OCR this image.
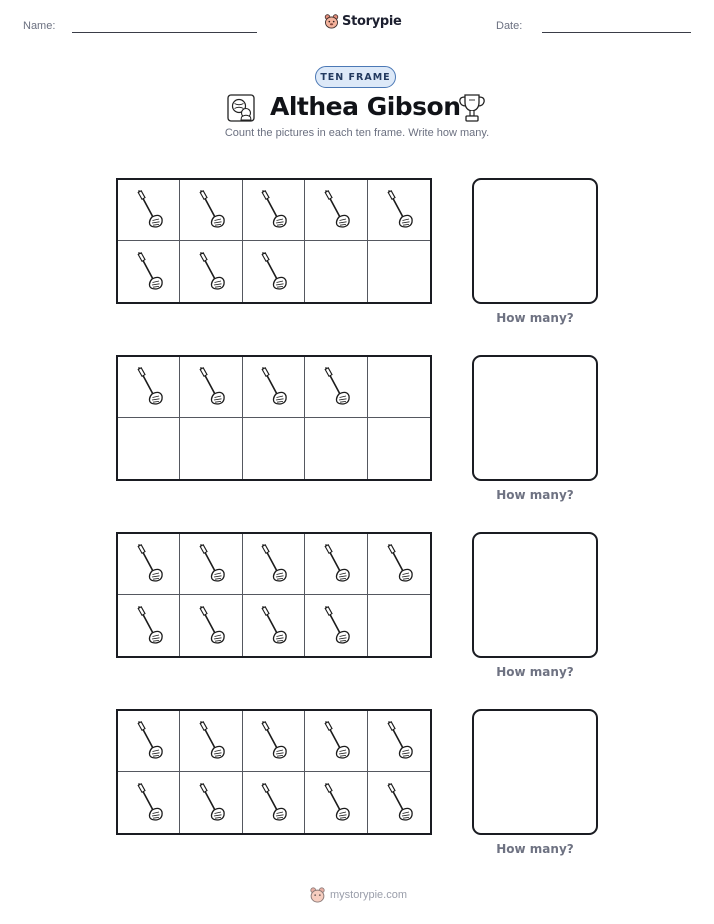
Name:	Storypie	Date:
TEN FRAME
Althea Gibson
Count the pictures in each ten frame. Write how many.
How many?
How many?
How many?
How many?
mystorypie.com
